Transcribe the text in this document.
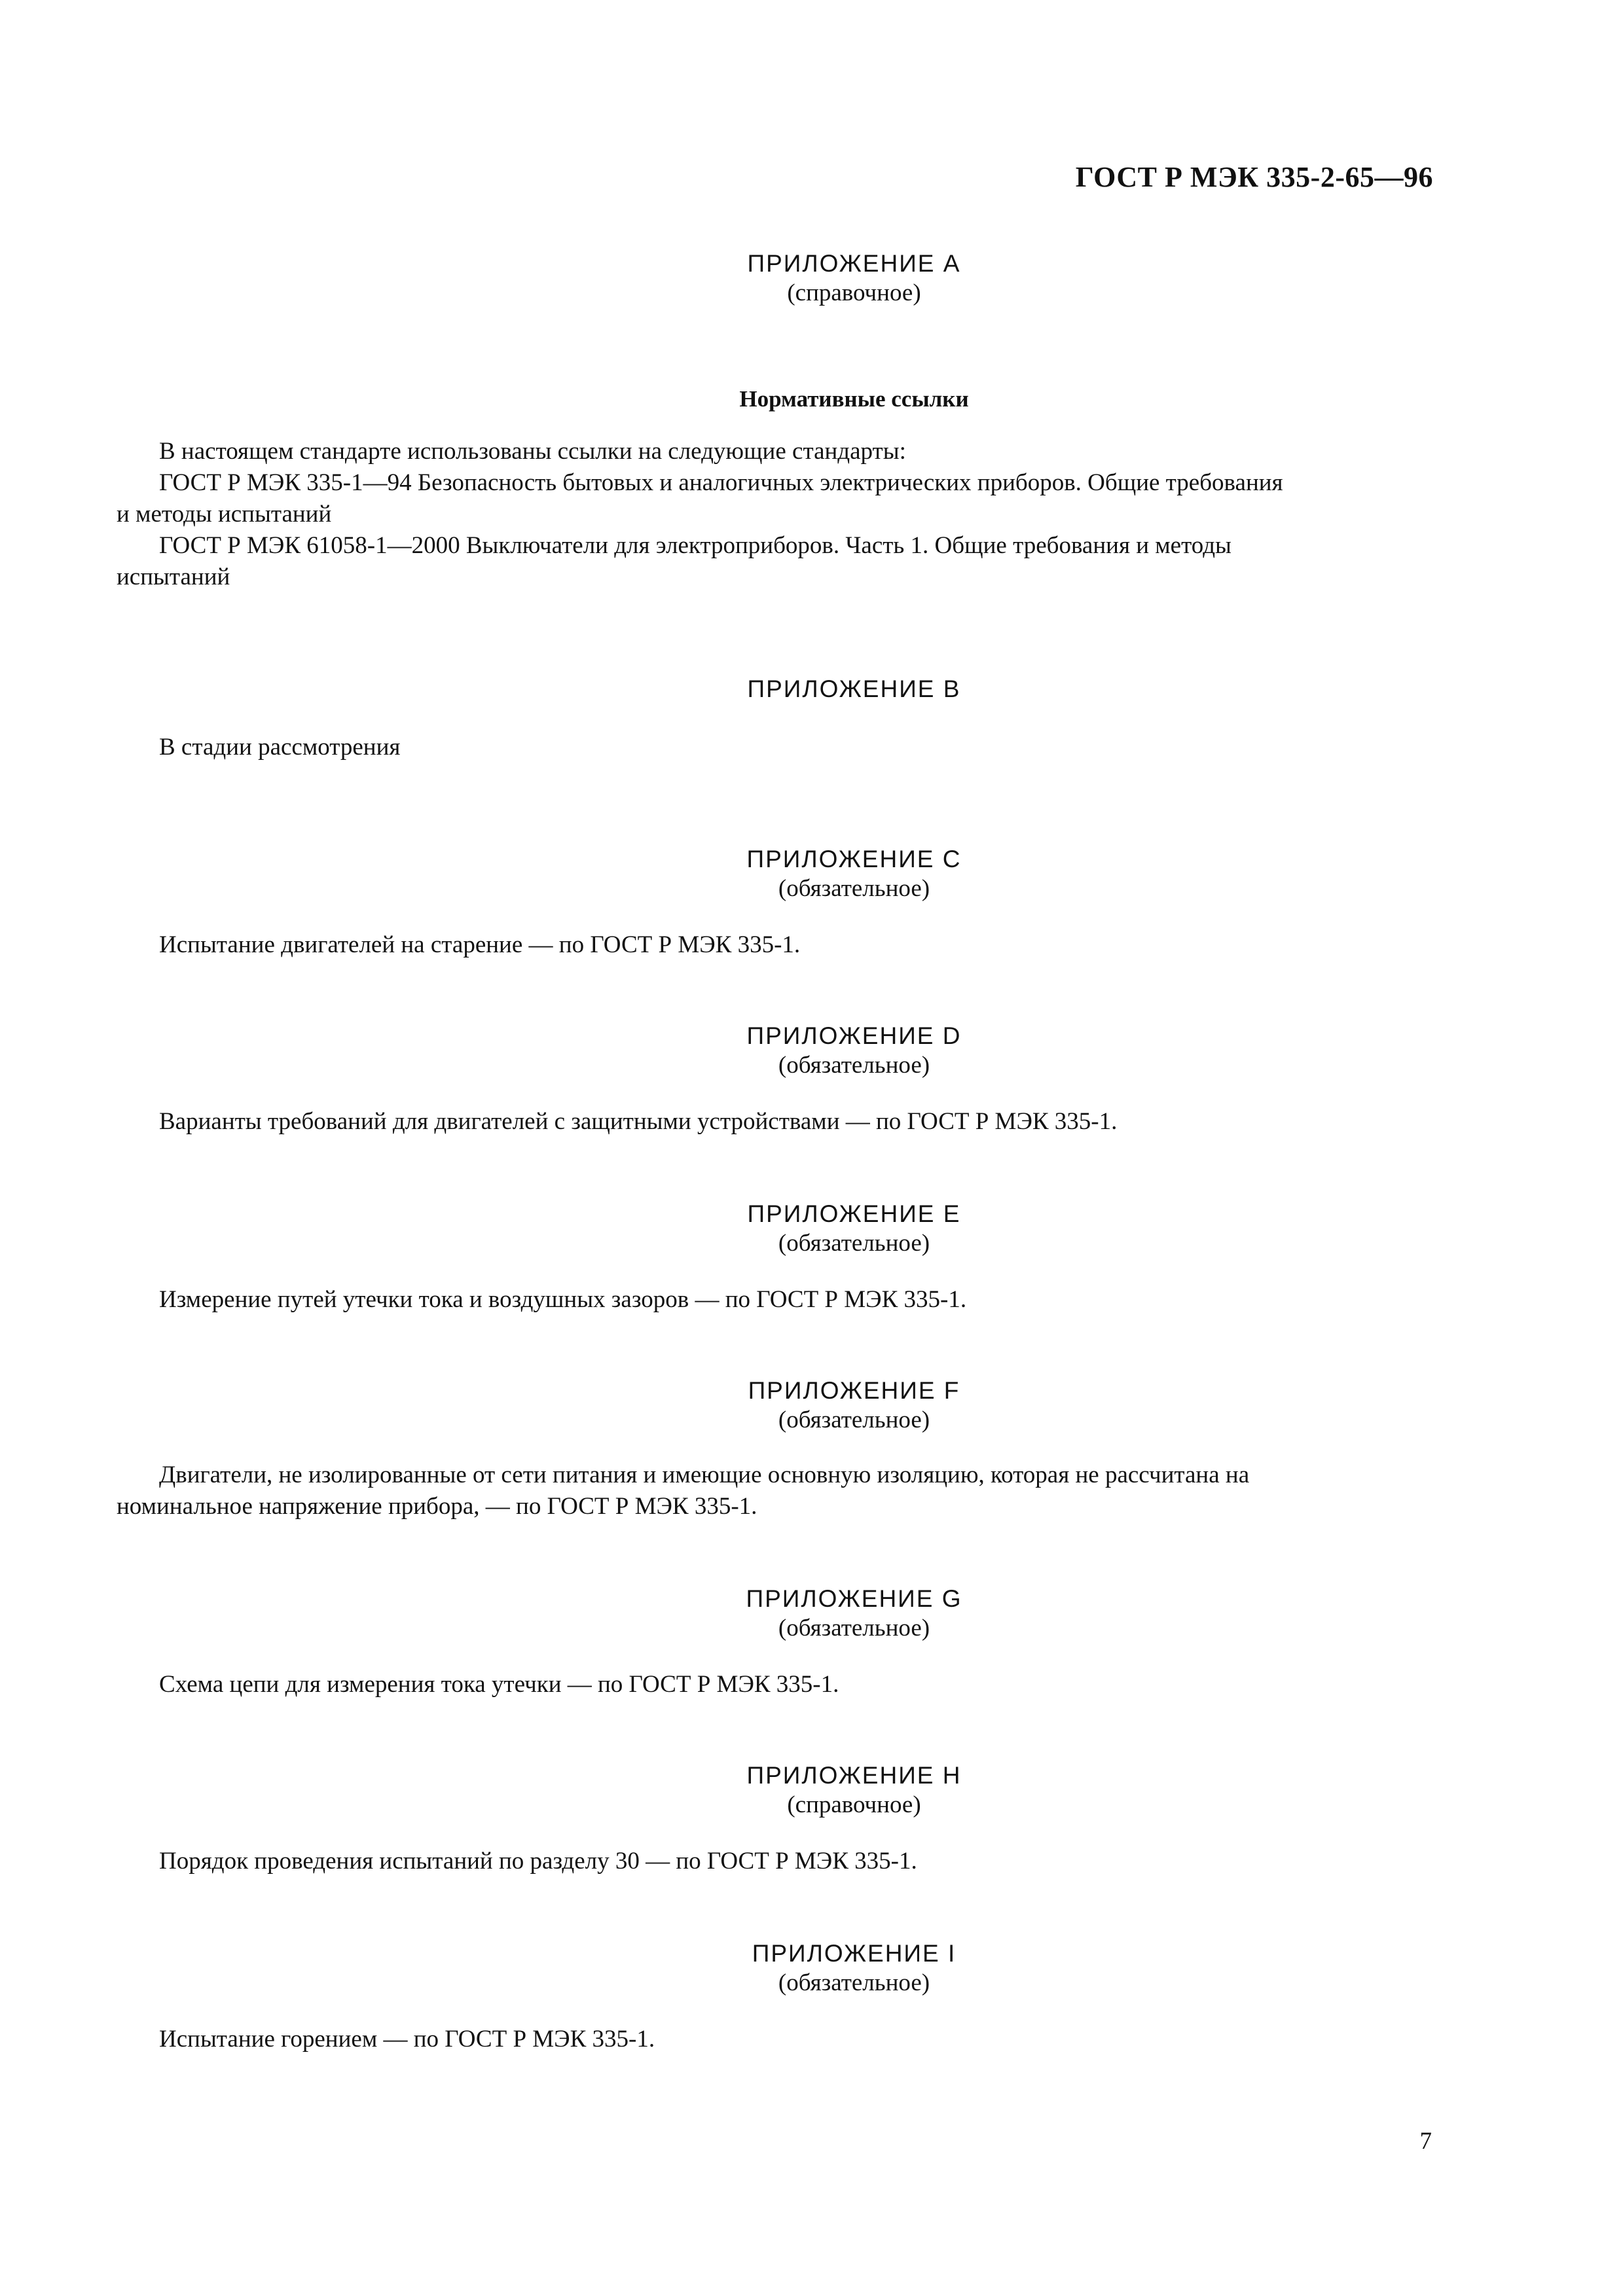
ГОСТ Р МЭК 335-2-65—96
ПРИЛОЖЕНИЕ А
(справочное)
Нормативные ссылки
В настоящем стандарте использованы ссылки на следующие стандарты:
ГОСТ Р МЭК 335-1—94 Безопасность бытовых и аналогичных электрических приборов. Общие требования
и методы испытаний
ГОСТ Р МЭК 61058-1—2000 Выключатели для электроприборов. Часть 1. Общие требования и методы
испытаний
ПРИЛОЖЕНИЕ В
В стадии рассмотрения
ПРИЛОЖЕНИЕ С
(обязательное)
Испытание двигателей на старение — по ГОСТ Р МЭК 335-1.
ПРИЛОЖЕНИЕ D
(обязательное)
Варианты требований для двигателей с защитными устройствами — по ГОСТ Р МЭК 335-1.
ПРИЛОЖЕНИЕ Е
(обязательное)
Измерение путей утечки тока и воздушных зазоров — по ГОСТ Р МЭК 335-1.
ПРИЛОЖЕНИЕ F
(обязательное)
Двигатели, не изолированные от сети питания и имеющие основную изоляцию, которая не рассчитана на
номинальное напряжение прибора, — по ГОСТ Р МЭК 335-1.
ПРИЛОЖЕНИЕ G
(обязательное)
Схема цепи для измерения тока утечки — по ГОСТ Р МЭК 335-1.
ПРИЛОЖЕНИЕ Н
(справочное)
Порядок проведения испытаний по разделу 30 — по ГОСТ Р МЭК 335-1.
ПРИЛОЖЕНИЕ I
(обязательное)
Испытание горением — по ГОСТ Р МЭК 335-1.
7
